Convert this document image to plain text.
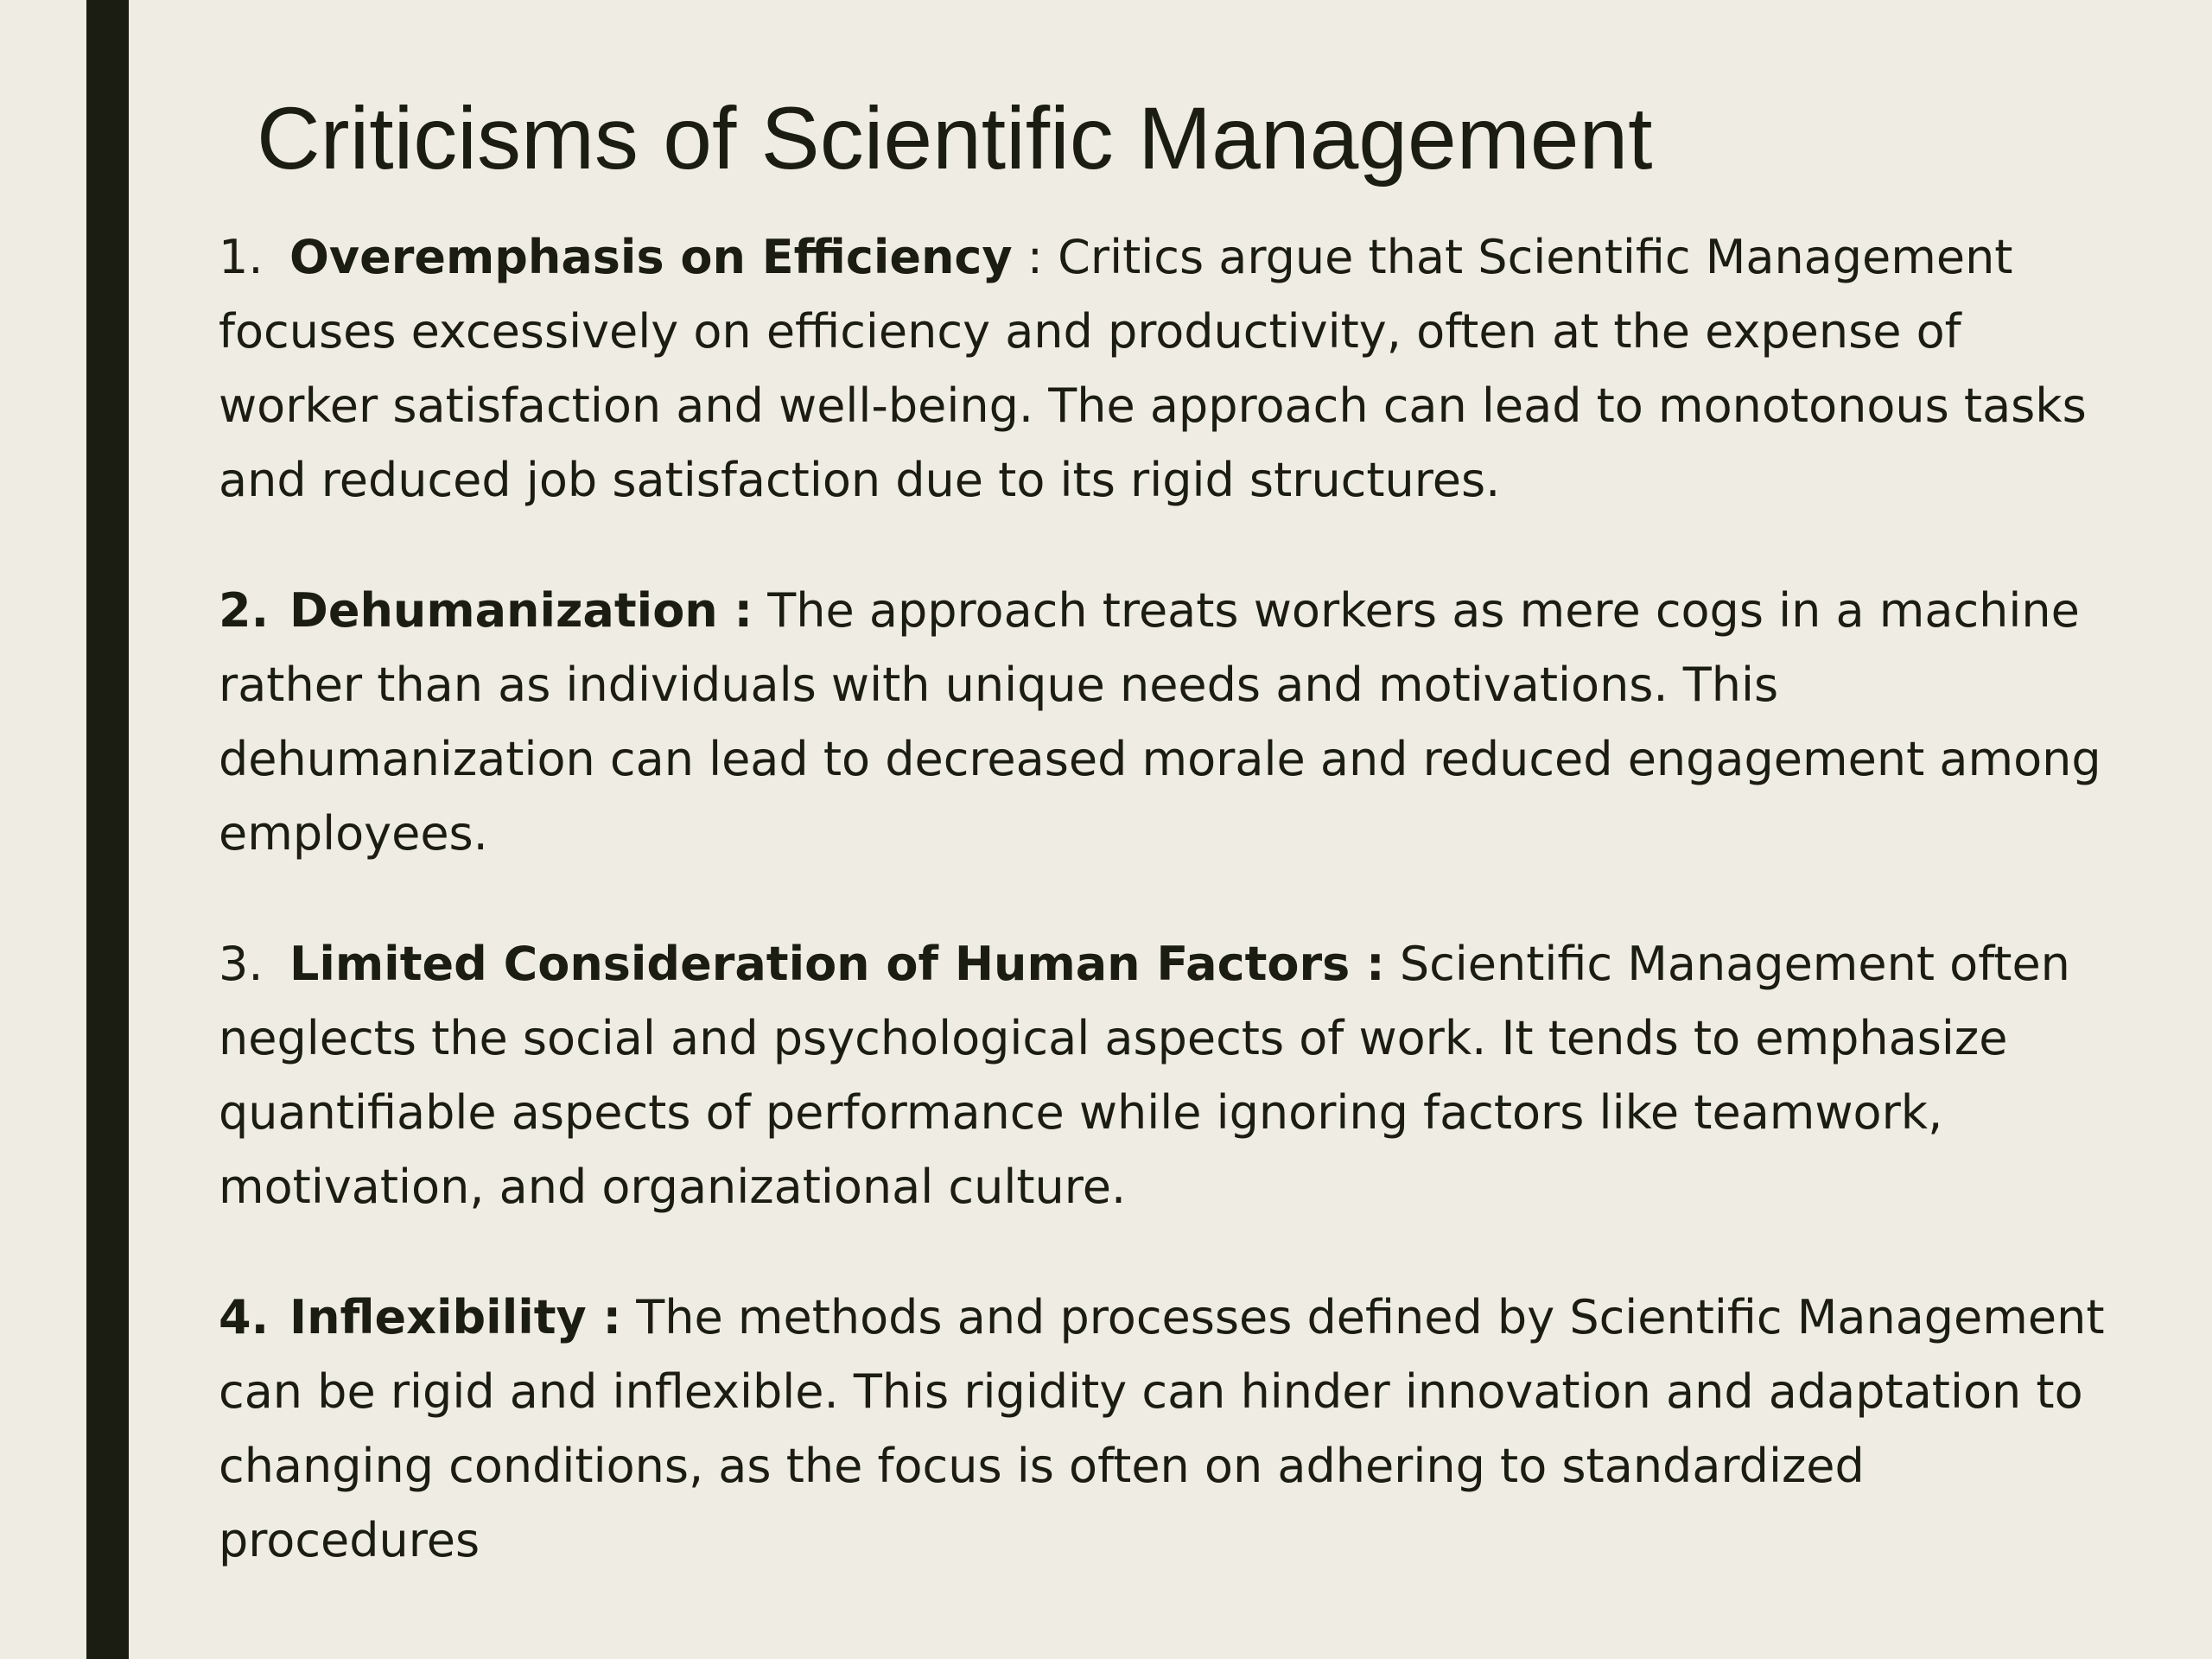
Criticisms of Scientific Management

1. Overemphasis on Efficiency : Critics argue that Scientific Management focuses excessively on efficiency and productivity, often at the expense of worker satisfaction and well-being. The approach can lead to monotonous tasks and reduced job satisfaction due to its rigid structures.

2. Dehumanization : The approach treats workers as mere cogs in a machine rather than as individuals with unique needs and motivations. This dehumanization can lead to decreased morale and reduced engagement among employees.

3. Limited Consideration of Human Factors : Scientific Management often neglects the social and psychological aspects of work. It tends to emphasize quantifiable aspects of performance while ignoring factors like teamwork, motivation, and organizational culture.

4. Inflexibility : The methods and processes defined by Scientific Management can be rigid and inflexible. This rigidity can hinder innovation and adaptation to changing conditions, as the focus is often on adhering to standardized procedures
